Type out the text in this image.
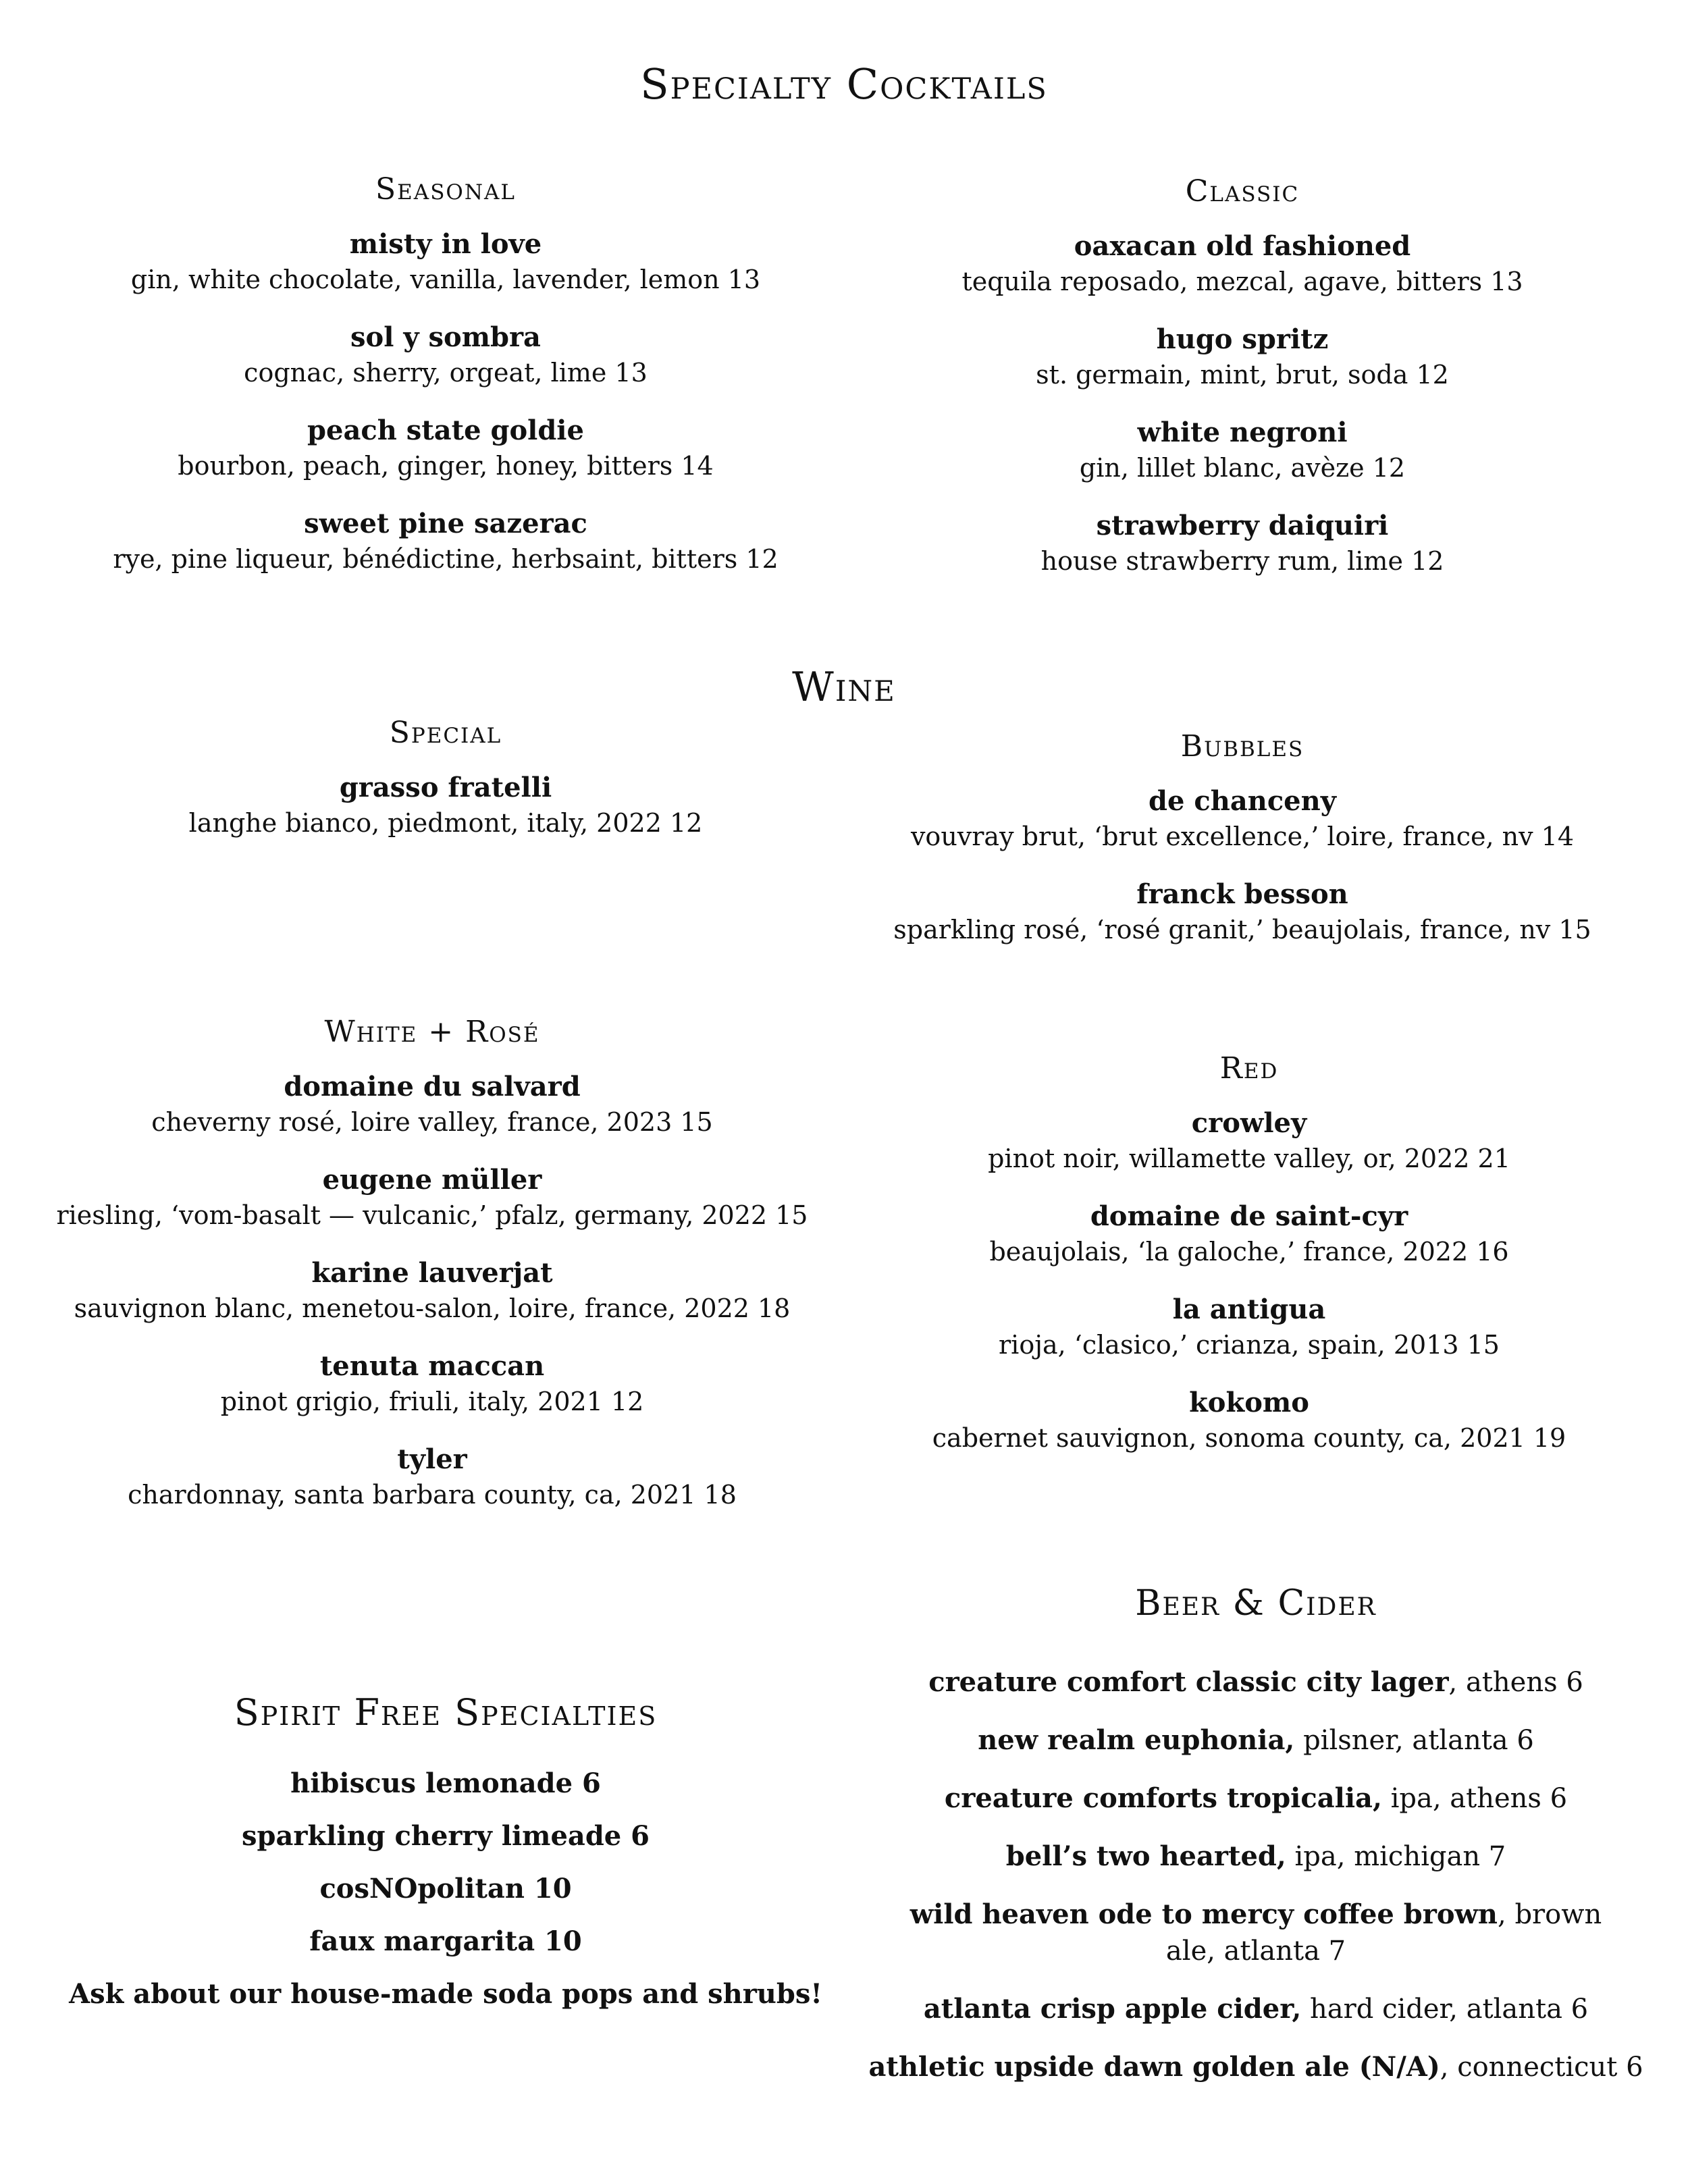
Specialty Cocktails
Seasonal
misty in love
gin, white chocolate, vanilla, lavender, lemon 13
sol y sombra
cognac, sherry, orgeat, lime 13
peach state goldie
bourbon, peach, ginger, honey, bitters 14
sweet pine sazerac
rye, pine liqueur, bénédictine, herbsaint, bitters 12
Classic
oaxacan old fashioned
tequila reposado, mezcal, agave, bitters 13
hugo spritz
st. germain, mint, brut, soda 12
white negroni
gin, lillet blanc, avèze 12
strawberry daiquiri
house strawberry rum, lime 12
Wine
Special
grasso fratelli
langhe bianco, piedmont, italy, 2022 12
Bubbles
de chanceny
vouvray brut, ‘brut excellence,’ loire, france, nv 14
franck besson
sparkling rosé, ‘rosé granit,’ beaujolais, france, nv 15
White + Rosé
domaine du salvard
cheverny rosé, loire valley, france, 2023 15
eugene müller
riesling, ‘vom-basalt — vulcanic,’ pfalz, germany, 2022 15
karine lauverjat
sauvignon blanc, menetou-salon, loire, france, 2022 18
tenuta maccan
pinot grigio, friuli, italy, 2021 12
tyler
chardonnay, santa barbara county, ca, 2021 18
Red
crowley
pinot noir, willamette valley, or, 2022 21
domaine de saint-cyr
beaujolais, ‘la galoche,’ france, 2022 16
la antigua
rioja, ‘clasico,’ crianza, spain, 2013 15
kokomo
cabernet sauvignon, sonoma county, ca, 2021 19
Beer & Cider
creature comfort classic city lager, athens 6
new realm euphonia, pilsner, atlanta 6
creature comforts tropicalia, ipa, athens 6
bell’s two hearted, ipa, michigan 7
wild heaven ode to mercy coffee brown, brown ale, atlanta 7
atlanta crisp apple cider, hard cider, atlanta 6
athletic upside dawn golden ale (N/A), connecticut 6
Spirit Free Specialties
hibiscus lemonade 6
sparkling cherry limeade 6
cosNOpolitan 10
faux margarita 10
Ask about our house-made soda pops and shrubs!
